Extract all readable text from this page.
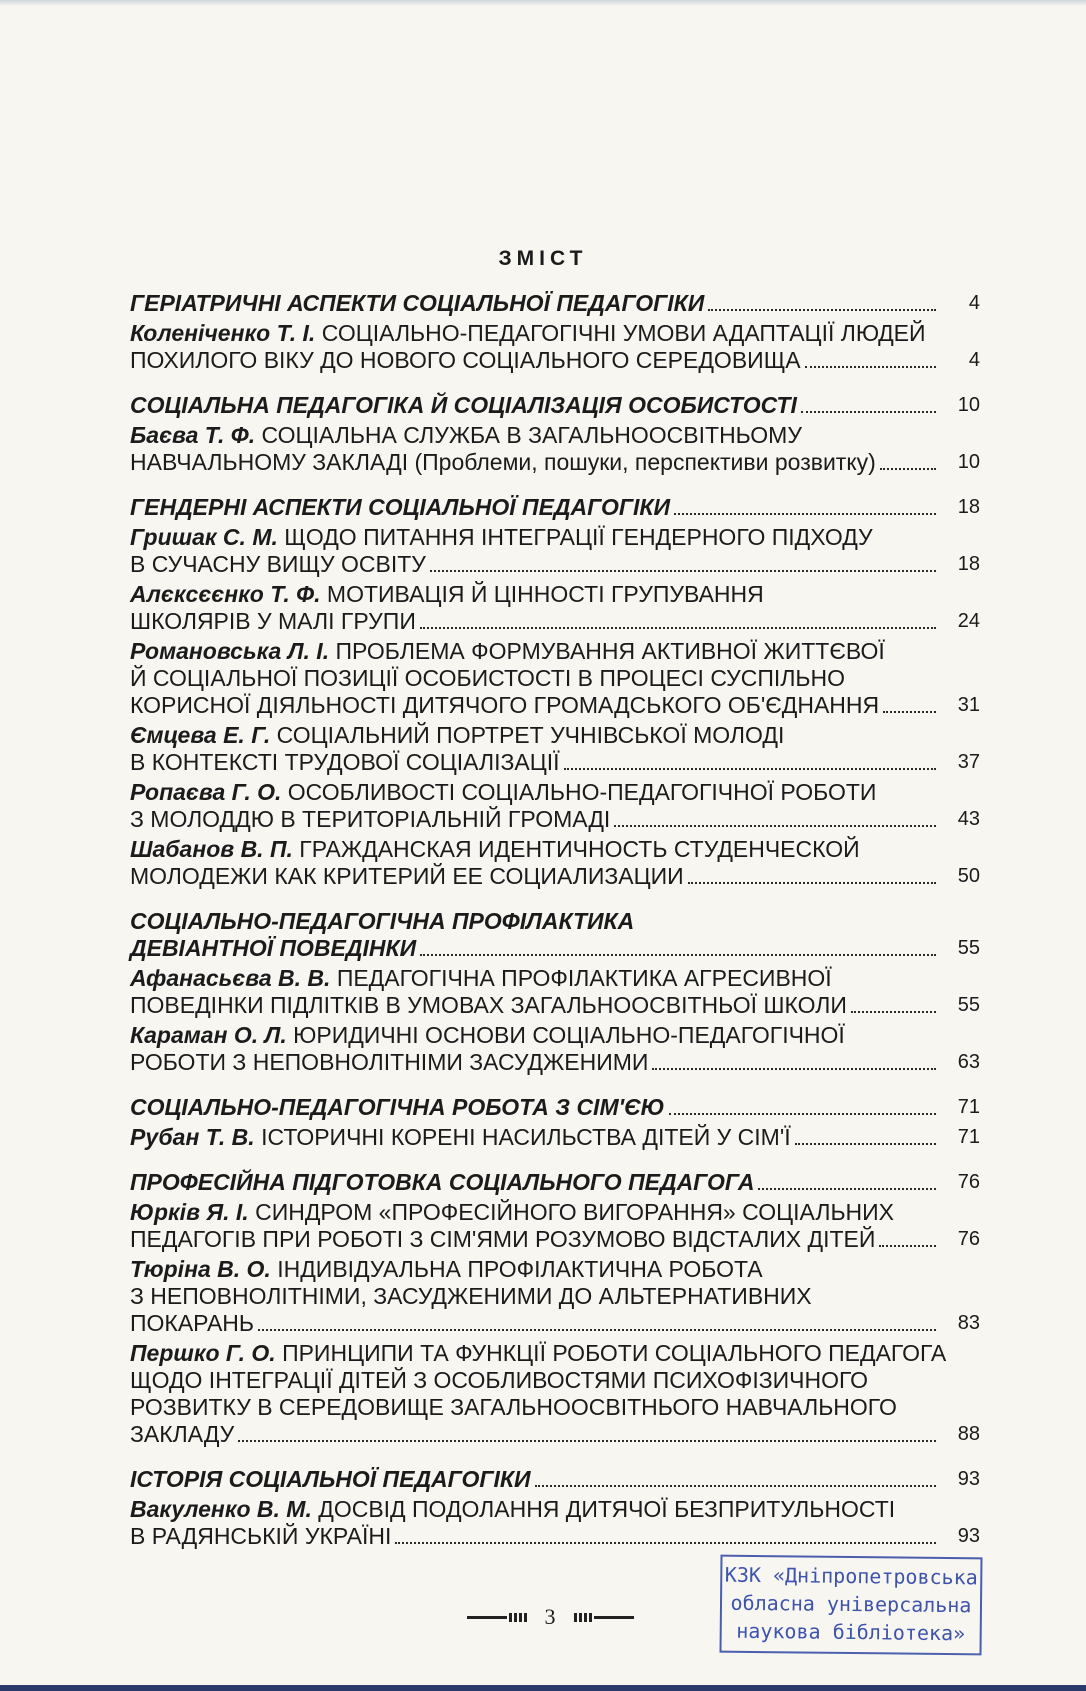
ЗМІСТ
ГЕРІАТРИЧНІ АСПЕКТИ СОЦІАЛЬНОЇ ПЕДАГОГІКИ	4
Коленіченко Т. І. СОЦІАЛЬНО-ПЕДАГОГІЧНІ УМОВИ АДАПТАЦІЇ ЛЮДЕЙ
ПОХИЛОГО ВІКУ ДО НОВОГО СОЦІАЛЬНОГО СЕРЕДОВИЩА	4
СОЦІАЛЬНА ПЕДАГОГІКА Й СОЦІАЛІЗАЦІЯ ОСОБИСТОСТІ	10
Баєва Т. Ф. СОЦІАЛЬНА СЛУЖБА В ЗАГАЛЬНООСВІТНЬОМУ
НАВЧАЛЬНОМУ ЗАКЛАДІ (Проблеми, пошуки, перспективи розвитку)	10
ГЕНДЕРНІ АСПЕКТИ СОЦІАЛЬНОЇ ПЕДАГОГІКИ	18
Гришак С. М. ЩОДО ПИТАННЯ ІНТЕГРАЦІЇ ГЕНДЕРНОГО ПІДХОДУ
В СУЧАСНУ ВИЩУ ОСВІТУ	18
Алєксєєнко Т. Ф. МОТИВАЦІЯ Й ЦІННОСТІ ГРУПУВАННЯ
ШКОЛЯРІВ У МАЛІ ГРУПИ	24
Романовська Л. І. ПРОБЛЕМА ФОРМУВАННЯ АКТИВНОЇ ЖИТТЄВОЇ
Й СОЦІАЛЬНОЇ ПОЗИЦІЇ ОСОБИСТОСТІ В ПРОЦЕСІ СУСПІЛЬНО
КОРИСНОЇ ДІЯЛЬНОСТІ ДИТЯЧОГО ГРОМАДСЬКОГО ОБ'ЄДНАННЯ	31
Ємцева Е. Г. СОЦІАЛЬНИЙ ПОРТРЕТ УЧНІВСЬКОЇ МОЛОДІ
В КОНТЕКСТІ ТРУДОВОЇ СОЦІАЛІЗАЦІЇ	37
Ропаєва Г. О. ОСОБЛИВОСТІ СОЦІАЛЬНО-ПЕДАГОГІЧНОЇ РОБОТИ
З МОЛОДДЮ В ТЕРИТОРІАЛЬНІЙ ГРОМАДІ	43
Шабанов В. П. ГРАЖДАНСКАЯ ИДЕНТИЧНОСТЬ СТУДЕНЧЕСКОЙ
МОЛОДЕЖИ КАК КРИТЕРИЙ ЕЕ СОЦИАЛИЗАЦИИ	50
СОЦІАЛЬНО-ПЕДАГОГІЧНА ПРОФІЛАКТИКА
ДЕВІАНТНОЇ ПОВЕДІНКИ	55
Афанасьєва В. В. ПЕДАГОГІЧНА ПРОФІЛАКТИКА АГРЕСИВНОЇ
ПОВЕДІНКИ ПІДЛІТКІВ В УМОВАХ ЗАГАЛЬНООСВІТНЬОЇ ШКОЛИ	55
Караман О. Л. ЮРИДИЧНІ ОСНОВИ СОЦІАЛЬНО-ПЕДАГОГІЧНОЇ
РОБОТИ З НЕПОВНОЛІТНІМИ ЗАСУДЖЕНИМИ	63
СОЦІАЛЬНО-ПЕДАГОГІЧНА РОБОТА З СІМ'ЄЮ	71
Рубан Т. В. ІСТОРИЧНІ КОРЕНІ НАСИЛЬСТВА ДІТЕЙ У СІМ'Ї	71
ПРОФЕСІЙНА ПІДГОТОВКА СОЦІАЛЬНОГО ПЕДАГОГА	76
Юрків Я. І. СИНДРОМ «ПРОФЕСІЙНОГО ВИГОРАННЯ» СОЦІАЛЬНИХ
ПЕДАГОГІВ ПРИ РОБОТІ З СІМ'ЯМИ РОЗУМОВО ВІДСТАЛИХ ДІТЕЙ	76
Тюріна В. О. ІНДИВІДУАЛЬНА ПРОФІЛАКТИЧНА РОБОТА
З НЕПОВНОЛІТНІМИ, ЗАСУДЖЕНИМИ ДО АЛЬТЕРНАТИВНИХ
ПОКАРАНЬ	83
Першко Г. О. ПРИНЦИПИ ТА ФУНКЦІЇ РОБОТИ СОЦІАЛЬНОГО ПЕДАГОГА
ЩОДО ІНТЕГРАЦІЇ ДІТЕЙ З ОСОБЛИВОСТЯМИ ПСИХОФІЗИЧНОГО
РОЗВИТКУ В СЕРЕДОВИЩЕ ЗАГАЛЬНООСВІТНЬОГО НАВЧАЛЬНОГО
ЗАКЛАДУ	88
ІСТОРІЯ СОЦІАЛЬНОЇ ПЕДАГОГІКИ	93
Вакуленко В. М. ДОСВІД ПОДОЛАННЯ ДИТЯЧОЇ БЕЗПРИТУЛЬНОСТІ
В РАДЯНСЬКІЙ УКРАЇНІ	93
3
КЗК «Дніпропетровська
обласна універсальна
наукова бібліотека»
